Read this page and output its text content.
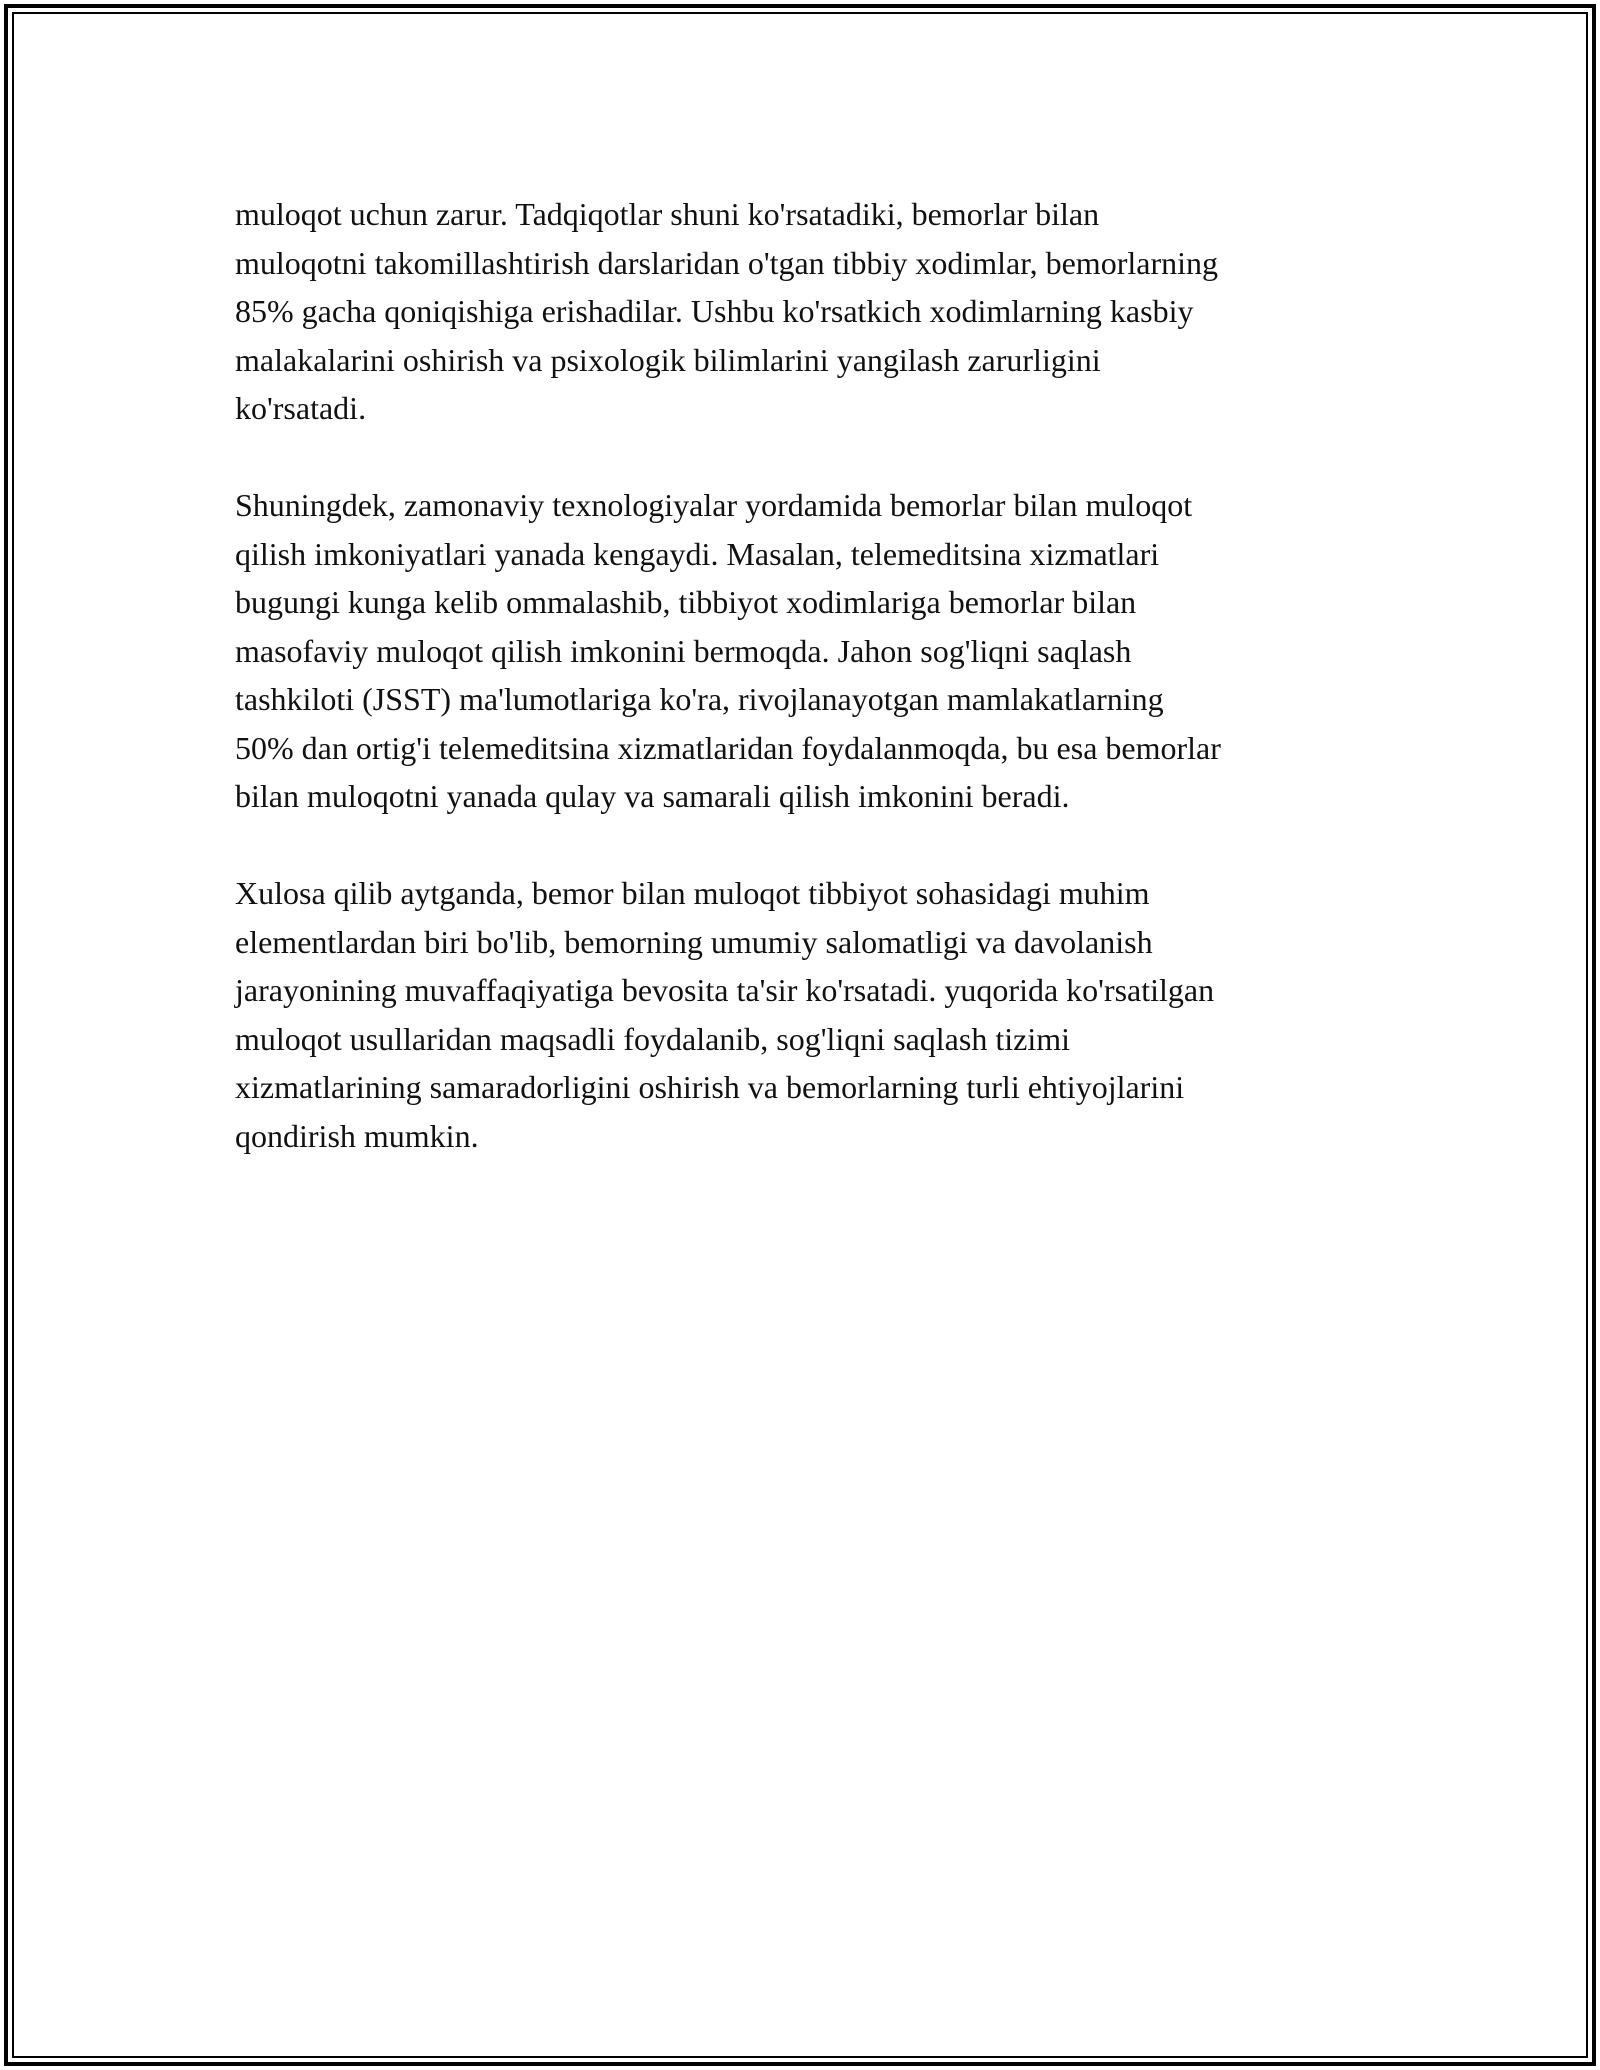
muloqot uchun zarur. Tadqiqotlar shuni ko'rsatadiki, bemorlar bilan
muloqotni takomillashtirish darslaridan o'tgan tibbiy xodimlar, bemorlarning
85% gacha qoniqishiga erishadilar. Ushbu ko'rsatkich xodimlarning kasbiy
malakalarini oshirish va psixologik bilimlarini yangilash zarurligini
ko'rsatadi.

Shuningdek, zamonaviy texnologiyalar yordamida bemorlar bilan muloqot
qilish imkoniyatlari yanada kengaydi. Masalan, telemeditsina xizmatlari
bugungi kunga kelib ommalashib, tibbiyot xodimlariga bemorlar bilan
masofaviy muloqot qilish imkonini bermoqda. Jahon sog'liqni saqlash
tashkiloti (JSST) ma'lumotlariga ko'ra, rivojlanayotgan mamlakatlarning
50% dan ortig'i telemeditsina xizmatlaridan foydalanmoqda, bu esa bemorlar
bilan muloqotni yanada qulay va samarali qilish imkonini beradi.

Xulosa qilib aytganda, bemor bilan muloqot tibbiyot sohasidagi muhim
elementlardan biri bo'lib, bemorning umumiy salomatligi va davolanish
jarayonining muvaffaqiyatiga bevosita ta'sir ko'rsatadi. yuqorida ko'rsatilgan
muloqot usullaridan maqsadli foydalanib, sog'liqni saqlash tizimi
xizmatlarining samaradorligini oshirish va bemorlarning turli ehtiyojlarini
qondirish mumkin.
